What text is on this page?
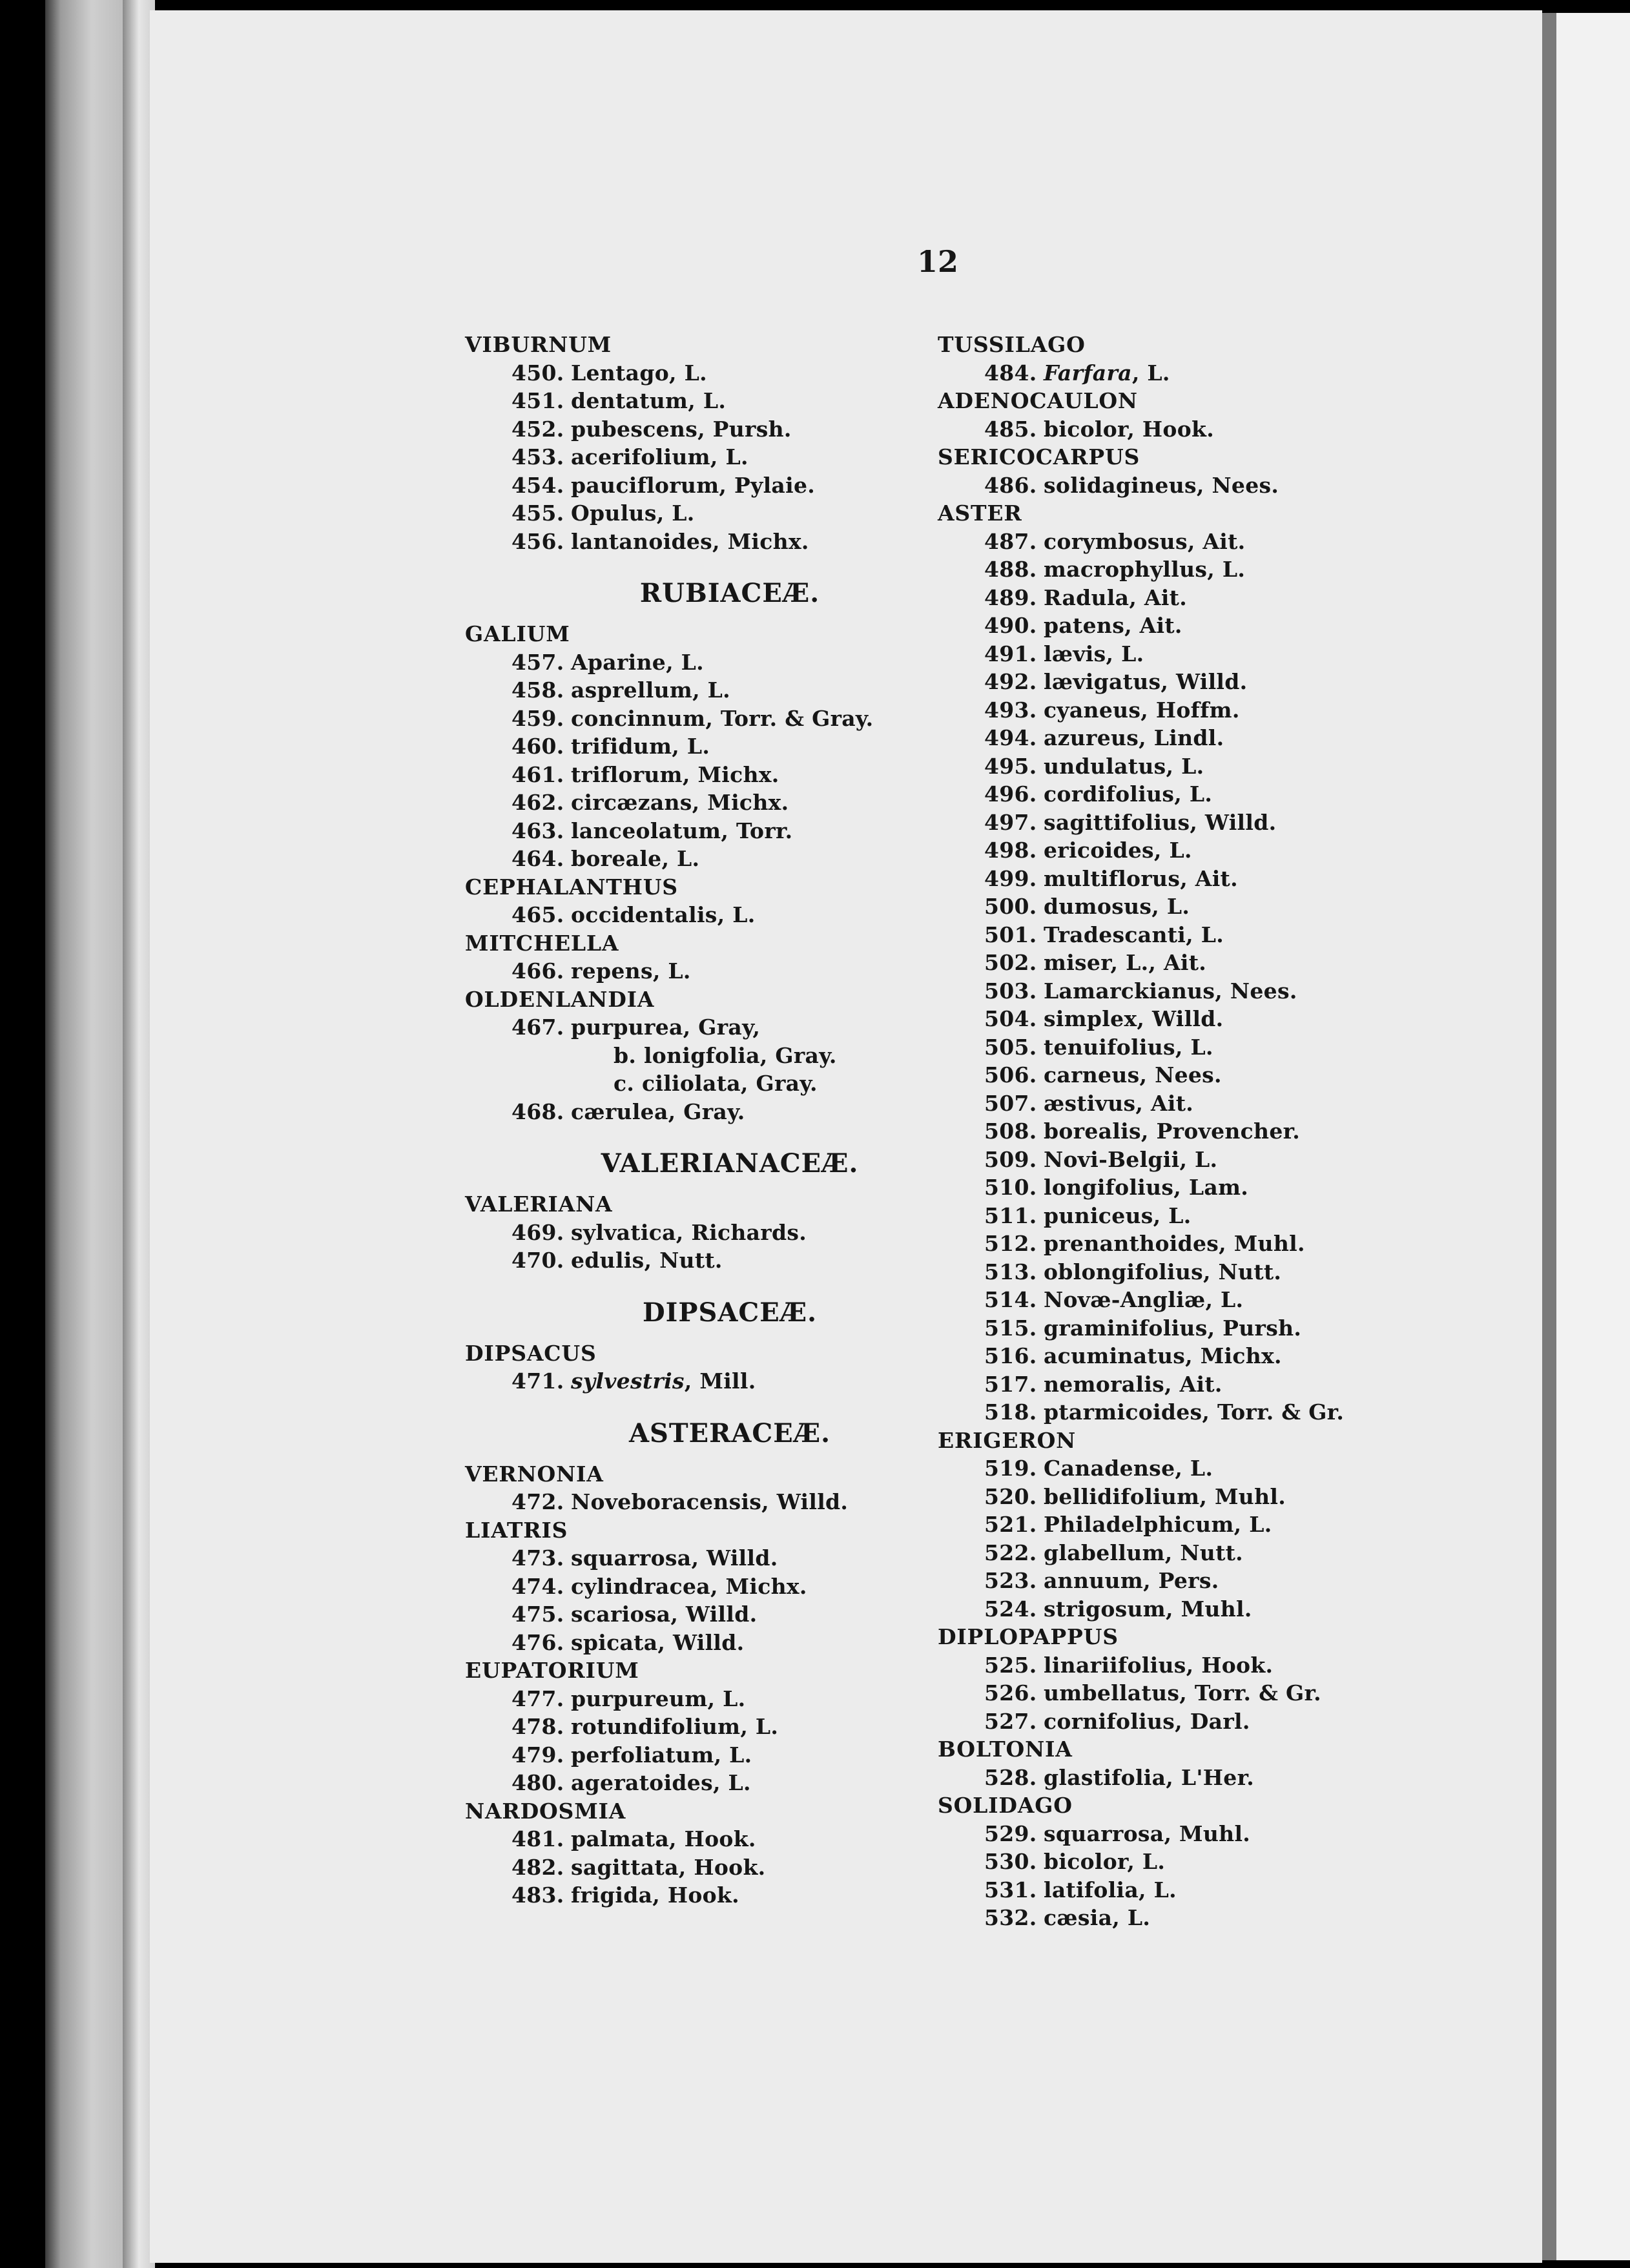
12
VIBURNUM
450. Lentago, L.
451. dentatum, L.
452. pubescens, Pursh.
453. acerifolium, L.
454. pauciflorum, Pylaie.
455. Opulus, L.
456. lantanoides, Michx.
RUBIACEÆ.
GALIUM
457. Aparine, L.
458. asprellum, L.
459. concinnum, Torr. & Gray.
460. trifidum, L.
461. triflorum, Michx.
462. circæzans, Michx.
463. lanceolatum, Torr.
464. boreale, L.
CEPHALANTHUS
465. occidentalis, L.
MITCHELLA
466. repens, L.
OLDENLANDIA
467. purpurea, Gray,
b. lonigfolia, Gray.
c. ciliolata, Gray.
468. cærulea, Gray.
VALERIANACEÆ.
VALERIANA
469. sylvatica, Richards.
470. edulis, Nutt.
DIPSACEÆ.
DIPSACUS
471. sylvestris, Mill.
ASTERACEÆ.
VERNONIA
472. Noveboracensis, Willd.
LIATRIS
473. squarrosa, Willd.
474. cylindracea, Michx.
475. scariosa, Willd.
476. spicata, Willd.
EUPATORIUM
477. purpureum, L.
478. rotundifolium, L.
479. perfoliatum, L.
480. ageratoides, L.
NARDOSMIA
481. palmata, Hook.
482. sagittata, Hook.
483. frigida, Hook.
TUSSILAGO
484. Farfara, L.
ADENOCAULON
485. bicolor, Hook.
SERICOCARPUS
486. solidagineus, Nees.
ASTER
487. corymbosus, Ait.
488. macrophyllus, L.
489. Radula, Ait.
490. patens, Ait.
491. lævis, L.
492. lævigatus, Willd.
493. cyaneus, Hoffm.
494. azureus, Lindl.
495. undulatus, L.
496. cordifolius, L.
497. sagittifolius, Willd.
498. ericoides, L.
499. multiflorus, Ait.
500. dumosus, L.
501. Tradescanti, L.
502. miser, L., Ait.
503. Lamarckianus, Nees.
504. simplex, Willd.
505. tenuifolius, L.
506. carneus, Nees.
507. æstivus, Ait.
508. borealis, Provencher.
509. Novi-Belgii, L.
510. longifolius, Lam.
511. puniceus, L.
512. prenanthoides, Muhl.
513. oblongifolius, Nutt.
514. Novæ-Angliæ, L.
515. graminifolius, Pursh.
516. acuminatus, Michx.
517. nemoralis, Ait.
518. ptarmicoides, Torr. & Gr.
ERIGERON
519. Canadense, L.
520. bellidifolium, Muhl.
521. Philadelphicum, L.
522. glabellum, Nutt.
523. annuum, Pers.
524. strigosum, Muhl.
DIPLOPAPPUS
525. linariifolius, Hook.
526. umbellatus, Torr. & Gr.
527. cornifolius, Darl.
BOLTONIA
528. glastifolia, L'Her.
SOLIDAGO
529. squarrosa, Muhl.
530. bicolor, L.
531. latifolia, L.
532. cæsia, L.
